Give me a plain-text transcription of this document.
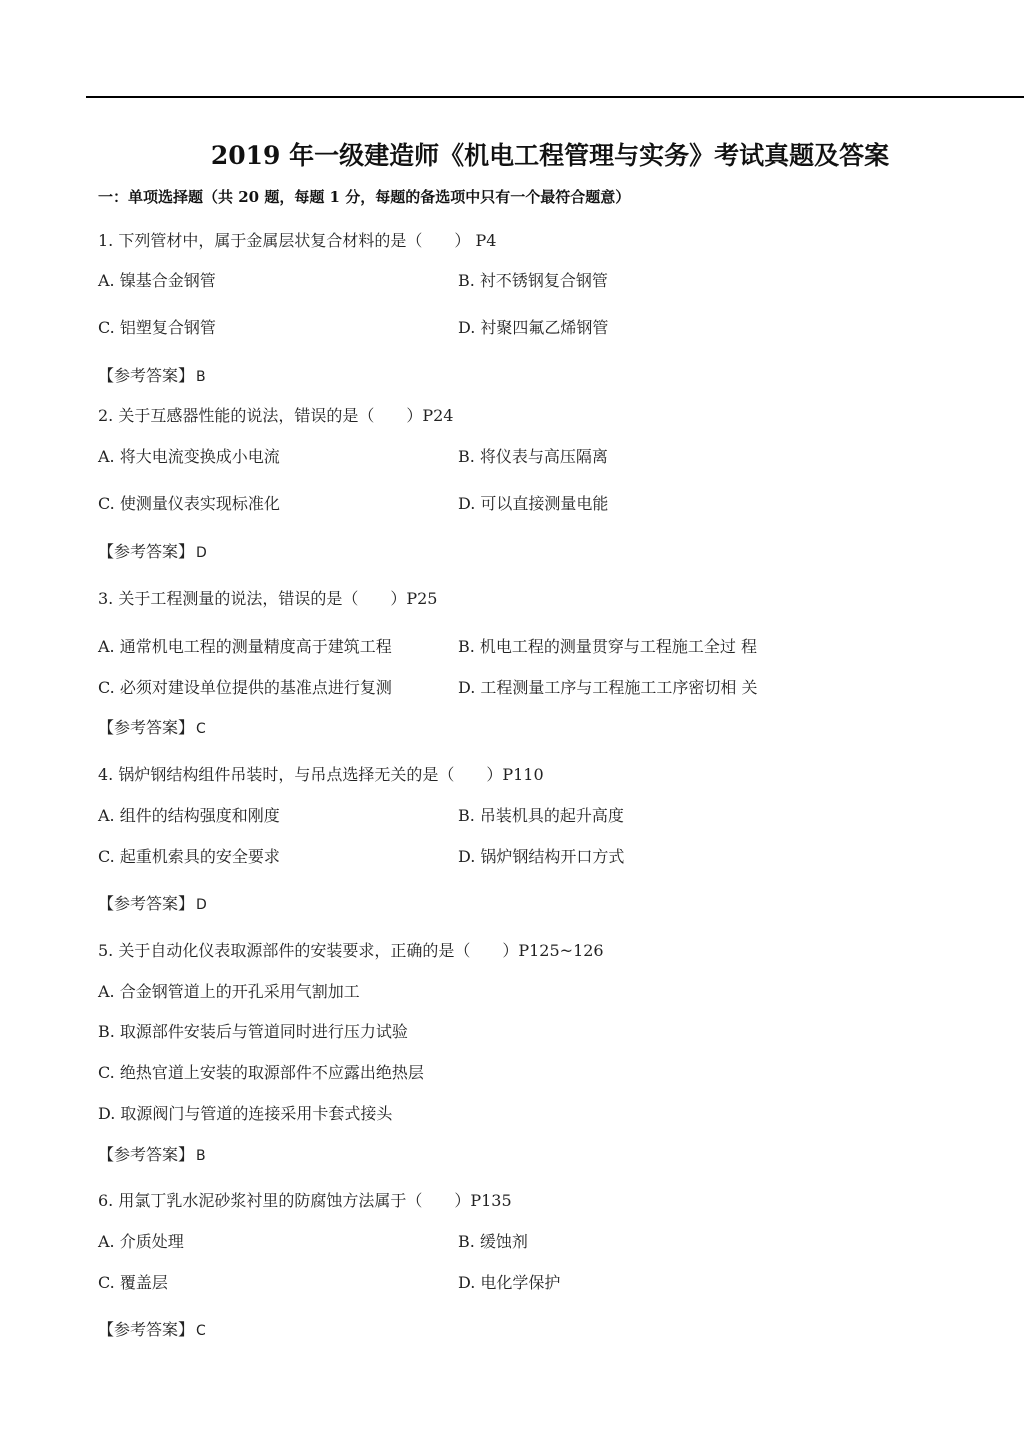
2019 年一级建造师《机电工程管理与实务》考试真题及答案
一：单项选择题（共 20 题，每题 1 分，每题的备选项中只有一个最符合题意）
1. 下列管材中，属于金属层状复合材料的是（　　） P4
A. 镍基合金钢管	B. 衬不锈钢复合钢管
C. 铝塑复合钢管	D. 衬聚四氟乙烯钢管
【参考答案】 B
2. 关于互感器性能的说法，错误的是（　　）P24
A. 将大电流变换成小电流	B. 将仪表与高压隔离
C. 使测量仪表实现标准化	D. 可以直接测量电能
【参考答案】 D
3. 关于工程测量的说法，错误的是（　　）P25
A. 通常机电工程的测量精度高于建筑工程	B. 机电工程的测量贯穿与工程施工全过 程
C. 必须对建设单位提供的基准点进行复测	D. 工程测量工序与工程施工工序密切相 关
【参考答案】 C
4. 锅炉钢结构组件吊装时，与吊点选择无关的是（　　）P110
A. 组件的结构强度和刚度	B. 吊装机具的起升高度
C. 起重机索具的安全要求	D. 锅炉钢结构开口方式
【参考答案】 D
5. 关于自动化仪表取源部件的安装要求，正确的是（　　）P125~126
A. 合金钢管道上的开孔采用气割加工
B. 取源部件安装后与管道同时进行压力试验
C. 绝热官道上安装的取源部件不应露出绝热层
D. 取源阀门与管道的连接采用卡套式接头
【参考答案】 B
6. 用氯丁乳水泥砂浆衬里的防腐蚀方法属于（　　）P135
A. 介质处理	B. 缓蚀剂
C. 覆盖层	D. 电化学保护
【参考答案】 C
